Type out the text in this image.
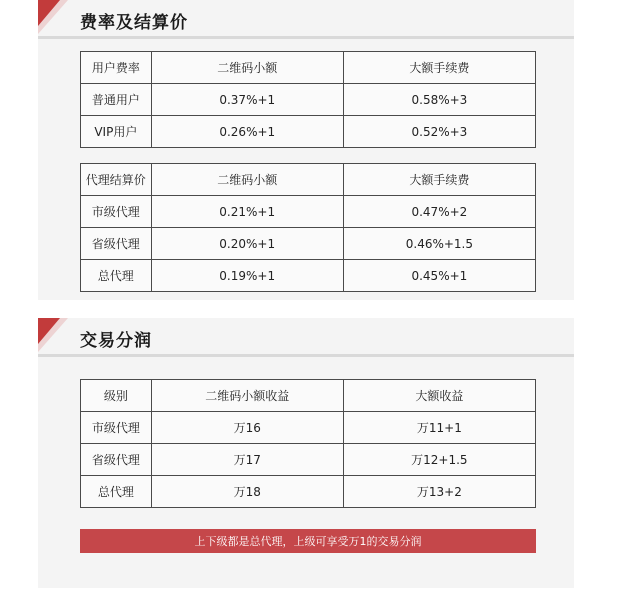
费率及结算价
用户费率	二维码小额	大额手续费
普通用户	0.37%+1	0.58%+3
VIP用户	0.26%+1	0.52%+3
代理结算价	二维码小额	大额手续费
市级代理	0.21%+1	0.47%+2
省级代理	0.20%+1	0.46%+1.5
总代理	0.19%+1	0.45%+1
交易分润
级别	二维码小额收益	大额收益
市级代理	万16	万11+1
省级代理	万17	万12+1.5
总代理	万18	万13+2
上下级都是总代理，上级可享受万1的交易分润
